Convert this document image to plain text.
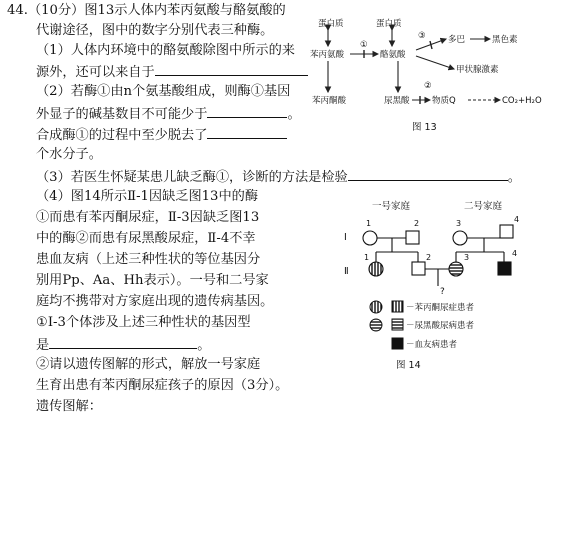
44.（10分）图13示人体内苯丙氨酸与酪氨酸的
代谢途径，图中的数字分别代表三种酶。
（1）人体内环境中的酪氨酸除图中所示的来
源外，还可以来自于
（2）若酶①由n个氨基酸组成，则酶①基因
外显子的碱基数目不可能少于	。
合成酶①的过程中至少脱去了
个水分子。
（3）若医生怀疑某患儿缺乏酶①，诊断的方法是检验	。
（4）图14所示Ⅱ-1因缺乏图13中的酶
①而患有苯丙酮尿症，Ⅱ-3因缺乏图13
中的酶②而患有尿黑酸尿症，Ⅱ-4不幸
患血友病（上述三种性状的等位基因分
别用Pp、Aa、Hh表示）。一号和二号家
庭均不携带对方家庭出现的遗传病基因。
①Ⅰ-3个体涉及上述三种性状的基因型
是	。
②请以遗传图解的形式，解放一号家庭
生育出患有苯丙酮尿症孩子的原因（3分）。
遗传图解：
蛋白质	蛋白质
苯丙氨酸	酪氨酸
多巴	黑色素
甲状腺激素
苯丙酮酸	尿黑酸	物质Q	CO₂+H₂O
①
②
③
图 13
一号家庭	二号家庭
Ⅰ
Ⅱ
1	2	3	4
1	2	3	4
?
－苯丙酮尿症患者
－尿黑酸尿病患者
－血友病患者
图 14
